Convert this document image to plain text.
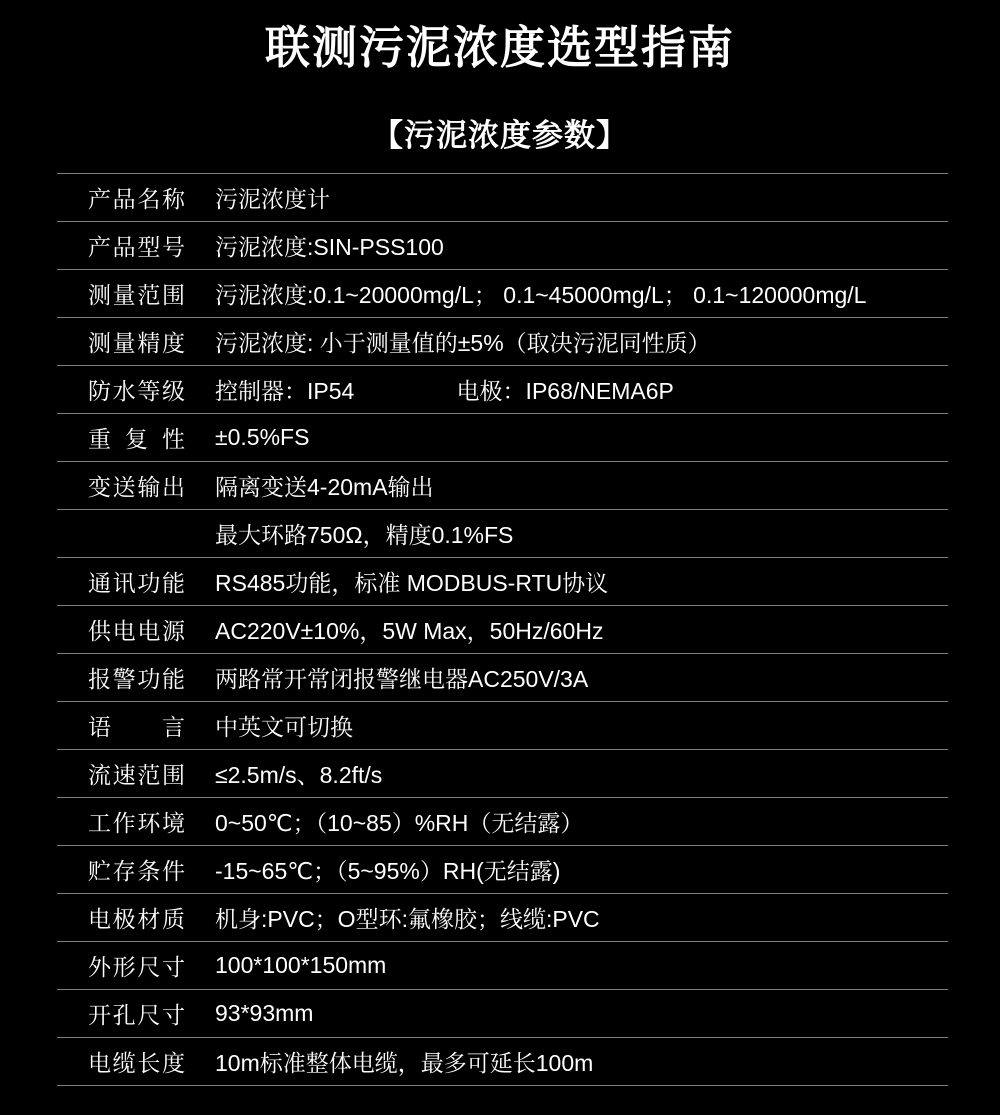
联测污泥浓度选型指南
【污泥浓度参数】
产品名称 污泥浓度计
产品型号 污泥浓度:SIN-PSS100
测量范围 污泥浓度:0.1~20000mg/L； 0.1~45000mg/L； 0.1~120000mg/L
测量精度 污泥浓度: 小于测量值的±5%（取决污泥同性质）
防水等级 控制器：IP54                电极：IP68/NEMA6P
重复性 ±0.5%FS
变送输出 隔离变送4-20mA输出
最大环路750Ω，精度0.1%FS
通讯功能 RS485功能，标准 MODBUS-RTU协议
供电电源 AC220V±10%，5W Max，50Hz/60Hz
报警功能 两路常开常闭报警继电器AC250V/3A
语言 中英文可切换
流速范围 ≤2.5m/s、8.2ft/s
工作环境 0~50℃；（10~85）%RH（无结露）
贮存条件 -15~65℃；（5~95%）RH(无结露)
电极材质 机身:PVC；O型环:氟橡胶；线缆:PVC
外形尺寸 100*100*150mm
开孔尺寸 93*93mm
电缆长度 10m标准整体电缆，最多可延长100m
